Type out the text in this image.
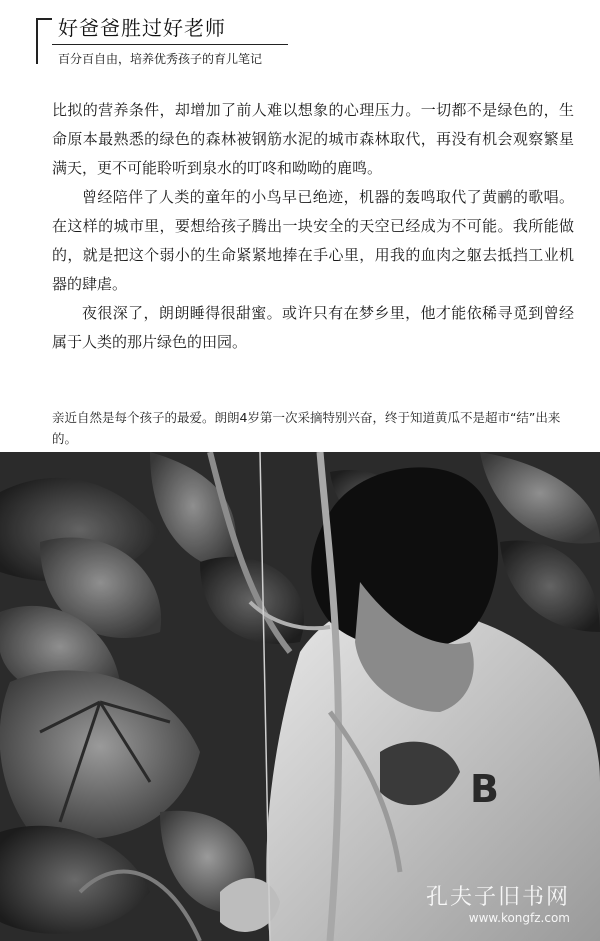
好爸爸胜过好老师
百分百自由，培养优秀孩子的育儿笔记

比拟的营养条件，却增加了前人难以想象的心理压力。一切都不是绿色的，生命原本最熟悉的绿色的森林被钢筋水泥的城市森林取代，再没有机会观察繁星满天，更不可能聆听到泉水的叮咚和呦呦的鹿鸣。

曾经陪伴了人类的童年的小鸟早已绝迹，机器的轰鸣取代了黄鹂的歌唱。在这样的城市里，要想给孩子腾出一块安全的天空已经成为不可能。我所能做的，就是把这个弱小的生命紧紧地捧在手心里，用我的血肉之躯去抵挡工业机器的肆虐。

夜很深了，朗朗睡得很甜蜜。或许只有在梦乡里，他才能依稀寻觅到曾经属于人类的那片绿色的田园。

亲近自然是每个孩子的最爱。朗朗4岁第一次采摘特别兴奋，终于知道黄瓜不是超市“结”出来的。
B
孔夫子旧书网
www.kongfz.com
